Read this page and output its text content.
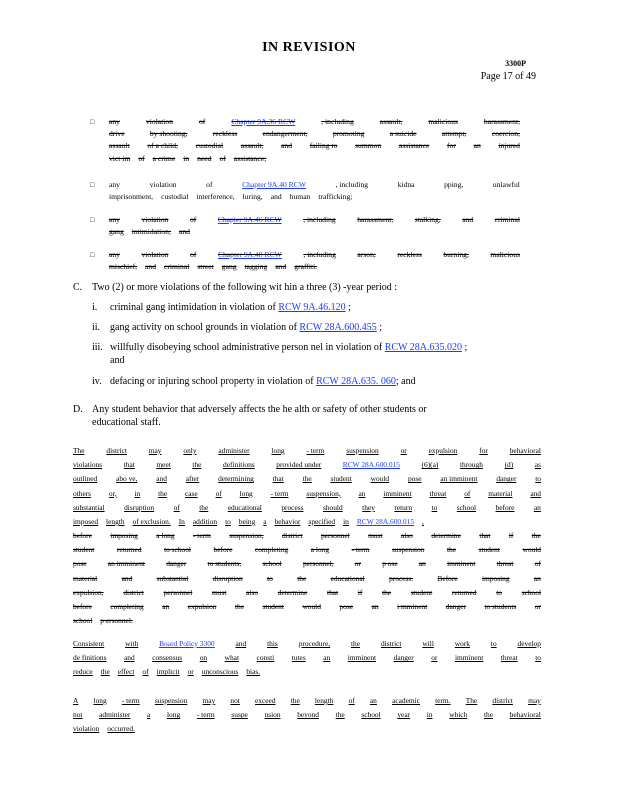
IN REVISION
3300P
Page 17 of 49
□ any	violation	of	Chapter 9A.36 RCW	, including	assault,	malicious	harassment,
drive	by shooting,	reckless	endangerment,	promoting	a suicide	attempt,	coercion,
assault of a child, custodial assault, and failing to summon assistance for an injured
vict im of a crime in need of assistance;
□ any	violation	of	Chapter 9A.40 RCW	, including	kidna	pping,	unlawful
imprisonment, custodial interference, luring, and human trafficking;
□ any	violation	of	Chapter 9A.46 RCW	, including	harassment,	stalking,	and	criminal
gang intimidation; and
□ any	violation	of	Chapter 9A.48 RCW	, including	arson,	reckless	burning,	malicious
mischief, and criminal street gang tagging and graffiti.
C. Two (2) or more violations of the following wit hin a three (3) -year period :
i. criminal gang intimidation in violation of RCW 9A.46.120 ;
ii. gang activity on school grounds in violation of RCW 28A.600.455 ;
iii. willfully disobeying school administrative person nel in violation of RCW 28A.635.020 ;
and
iv. defacing or injuring school property in violation of RCW 28A.635. 060; and
D. Any student behavior that adversely affects the he alth or safety of other students or
educational staff.
The	district	may	only	administer	long	- term	suspension	or	expulsion	for	behavioral
violations	that	meet	the	definitions	provided under	RCW 28A.600.015	(6)(a)	through	(d)	as
outlined	abo ve,	and	after	determining	that	the	student	would	pose	an imminent	danger	to
others or, in the case of long - term suspension, an imminent threat of material and
substantial	disruption	of	the	educational	process	should	they	return	to	school	before	an
imposed length of exclusion. In addition to being a behavior specified in RCW 28A.600.015 ,
before imposing a long - term suspension, district personnel must also determine that if the
student	returned	to school	before	completing	a long	- term	suspension	the	student	would
pose	an imminent	danger	to students,	school	personnel,	or	p ose	an	imminent	threat	of
material	and	substantial	disruption	to	the	educational	process.	Before	imposing	an
expulsion,	district	personnel	must	also	determine	that	if	the	student	returned	to	school
before	completing	an	expulsion	the	student	would	pose	an	i mminent	danger	to students	or
school p ersonnel.
Consistent	with	Board Policy 3300	and	this	procedure,	the	district	will	work	to	develop
de finitions and consensus on what consti tutes an imminent danger or imminent threat to
reduce the effect of implicit or unconscious bias.
A long - term suspension may not exceed the length of an academic term. The district may
not administer a long - term suspe nsion beyond the school year in which the behavioral
violation occurred.
